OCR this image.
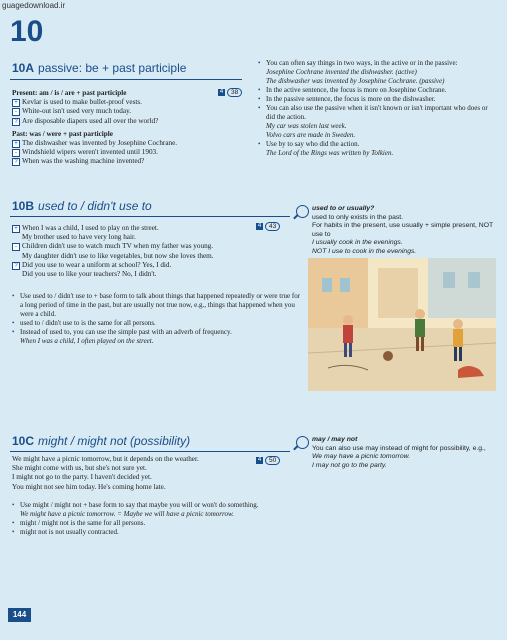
guagedownload.ir
10
10A passive: be + past participle
4 38
Present: am / is / are + past participle
+ Kevlar is used to make bullet-proof vests.
- White-out isn't used very much today.
? Are disposable diapers used all over the world?
Past: was / were + past participle
+ The dishwasher was invented by Josephine Cochrane.
- Windshield wipers weren't invented until 1903.
? When was the washing machine invented?
• You can often say things in two ways, in the active or in the passive:
Josephine Cochrane invented the dishwasher. (active)
The dishwasher was invented by Josephine Cochrane. (passive)
• In the active sentence, the focus is more on Josephine Cochrane.
• In the passive sentence, the focus is more on the dishwasher.
• You can also use the passive when it isn't known or isn't important who does or did the action.
My car was stolen last week.
Volvo cars are made in Sweden.
• Use by to say who did the action.
The Lord of the Rings was written by Tolkien.
10B used to / didn't use to
4 43
+ When I was a child, I used to play on the street.
My brother used to have very long hair.
- Children didn't use to watch much TV when my father was young.
My daughter didn't use to like vegetables, but now she loves them.
? Did you use to wear a uniform at school? Yes, I did.
Did you use to like your teachers? No, I didn't.
used to or usually?
used to only exists in the past.
For habits in the present, use usually + simple present, NOT use to
I usually cook in the evenings.
NOT I use to cook in the evenings.
• Use used to / didn't use to + base form to talk about things that happened repeatedly or were true for a long period of time in the past, but are usually not true now, e.g., things that happened when you were a child.
• used to / didn't use to is the same for all persons.
• Instead of used to, you can use the simple past with an adverb of frequency.
When I was a child, I often played on the street.
10C might / might not (possibility)
4 50
We might have a picnic tomorrow, but it depends on the weather.
She might come with us, but she's not sure yet.
I might not go to the party. I haven't decided yet.
You might not see him today. He's coming home late.
may / may not
You can also use may instead of might for possibility, e.g.,
We may have a picnic tomorrow.
I may not go to the party.
• Use might / might not + base form to say that maybe you will or won't do something.
We might have a picnic tomorrow. = Maybe we will have a picnic tomorrow.
• might / might not is the same for all persons.
• might not is not usually contracted.
144
